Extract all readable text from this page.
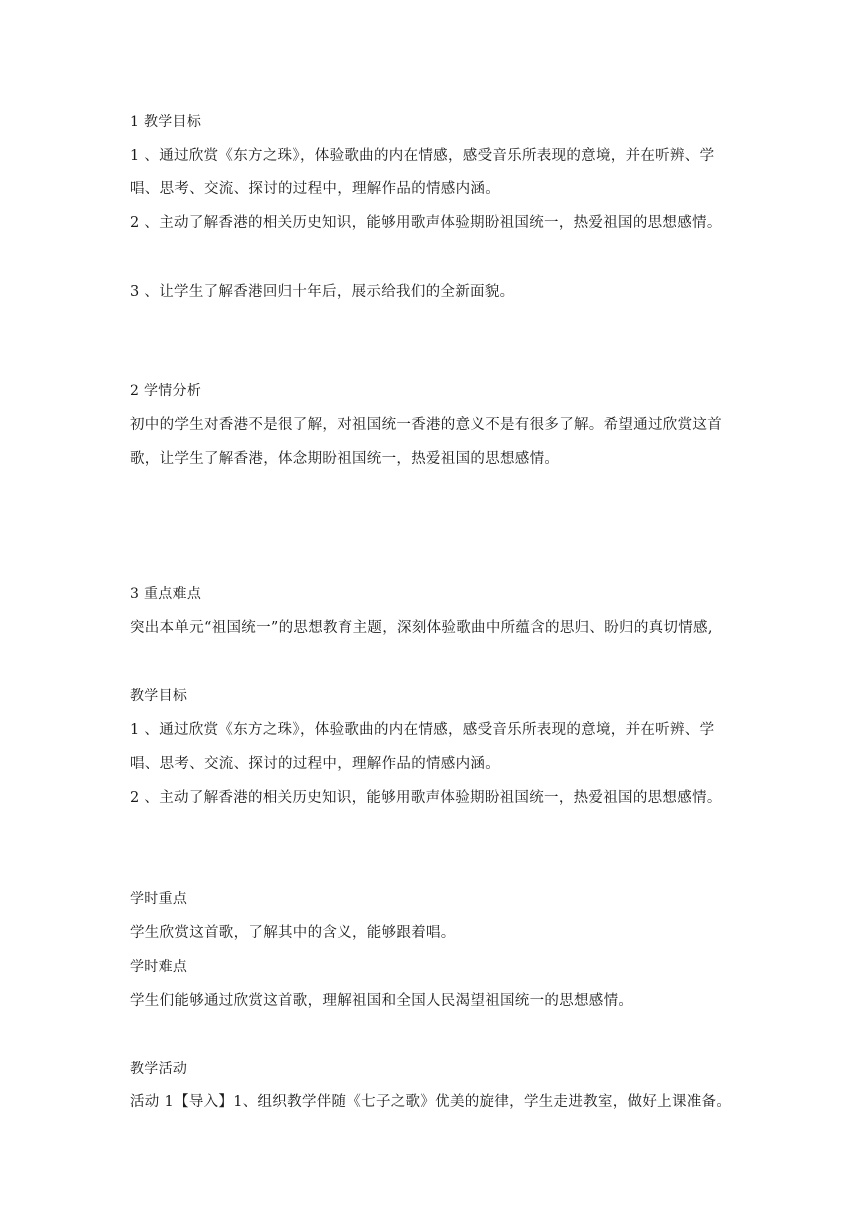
1 教学目标
1 、通过欣赏《东方之珠》，体验歌曲的内在情感，感受音乐所表现的意境，并在听辨、学
唱、思考、交流、探讨的过程中，理解作品的情感内涵。
2 、主动了解香港的相关历史知识，能够用歌声体验期盼祖国统一，热爱祖国的思想感情。
3 、让学生了解香港回归十年后，展示给我们的全新面貌。
2 学情分析
初中的学生对香港不是很了解，对祖国统一香港的意义不是有很多了解。希望通过欣赏这首
歌，让学生了解香港，体念期盼祖国统一，热爱祖国的思想感情。
3 重点难点
突出本单元“祖国统一”的思想教育主题，深刻体验歌曲中所蕴含的思归、盼归的真切情感,
教学目标
1 、通过欣赏《东方之珠》，体验歌曲的内在情感，感受音乐所表现的意境，并在听辨、学
唱、思考、交流、探讨的过程中，理解作品的情感内涵。
2 、主动了解香港的相关历史知识，能够用歌声体验期盼祖国统一，热爱祖国的思想感情。
学时重点
学生欣赏这首歌，了解其中的含义，能够跟着唱。
学时难点
学生们能够通过欣赏这首歌，理解祖国和全国人民渴望祖国统一的思想感情。
教学活动
活动 1【导入】1、组织教学伴随《七子之歌》优美的旋律，学生走进教室，做好上课准备。
